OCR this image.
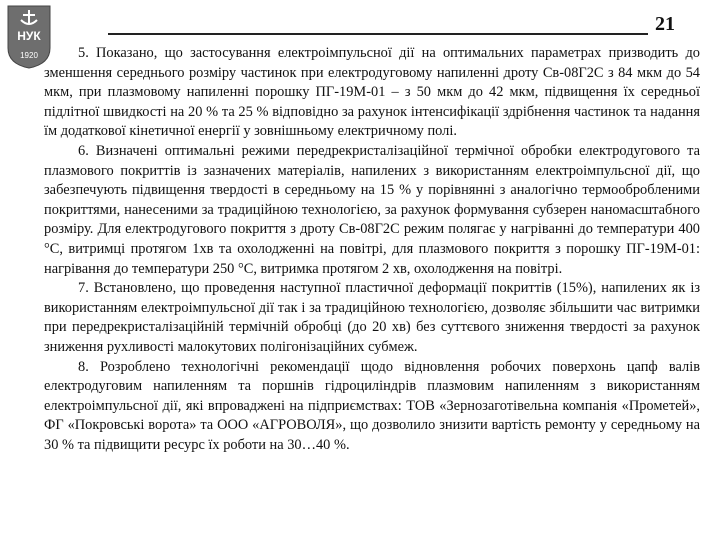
НУК
1920
21

5. Показано, що застосування електроімпульсної дії на оптимальних параметрах призводить до зменшення середнього розміру частинок при електродуговому напиленні дроту Св-08Г2С з 84 мкм до 54 мкм, при плазмовому напиленні порошку ПГ-19М-01 – з 50 мкм до 42 мкм, підвищення їх середньої підлітної швидкості на 20 % та 25 % відповідно за рахунок інтенсифікації здрібнення частинок та надання їм додаткової кінетичної енергії у зовнішньому електричному полі.

6. Визначені оптимальні режими передрекристалізаційної термічної обробки електродугового та плазмового покриттів із зазначених матеріалів, напилених з використанням електроімпульсної дії, що забезпечують підвищення твердості в середньому на 15 % у порівнянні з аналогічно термообробленими покриттями, нанесеними за традиційною технологією, за рахунок формування субзерен наномасштабного розміру. Для електродугового покриття з дроту Св-08Г2С режим полягає у нагріванні до температури 400 °С, витримці протягом 1хв та охолодженні на повітрі, для плазмового покриття з порошку ПГ-19М-01: нагрівання до температури 250 °С, витримка протягом 2 хв, охолодження на повітрі.

7. Встановлено, що проведення наступної пластичної деформації покриттів (15%), напилених як із використанням електроімпульсної дії так і за традиційною технологією, дозволяє збільшити час витримки при передрекристалізаційній термічній обробці (до 20 хв) без суттєвого зниження твердості за рахунок зниження рухливості малокутових полігонізаційних субмеж.

8. Розроблено технологічні рекомендації щодо відновлення робочих поверхонь цапф валів електродуговим напиленням та поршнів гідроциліндрів плазмовим напиленням з використанням електроімпульсної дії, які впроваджені на підприємствах: ТОВ «Зернозаготівельна компанія «Прометей», ФГ «Покровські ворота» та ООО «АГРОВОЛЯ», що дозволило знизити вартість ремонту у середньому на 30 % та підвищити ресурс їх роботи на 30…40 %.
